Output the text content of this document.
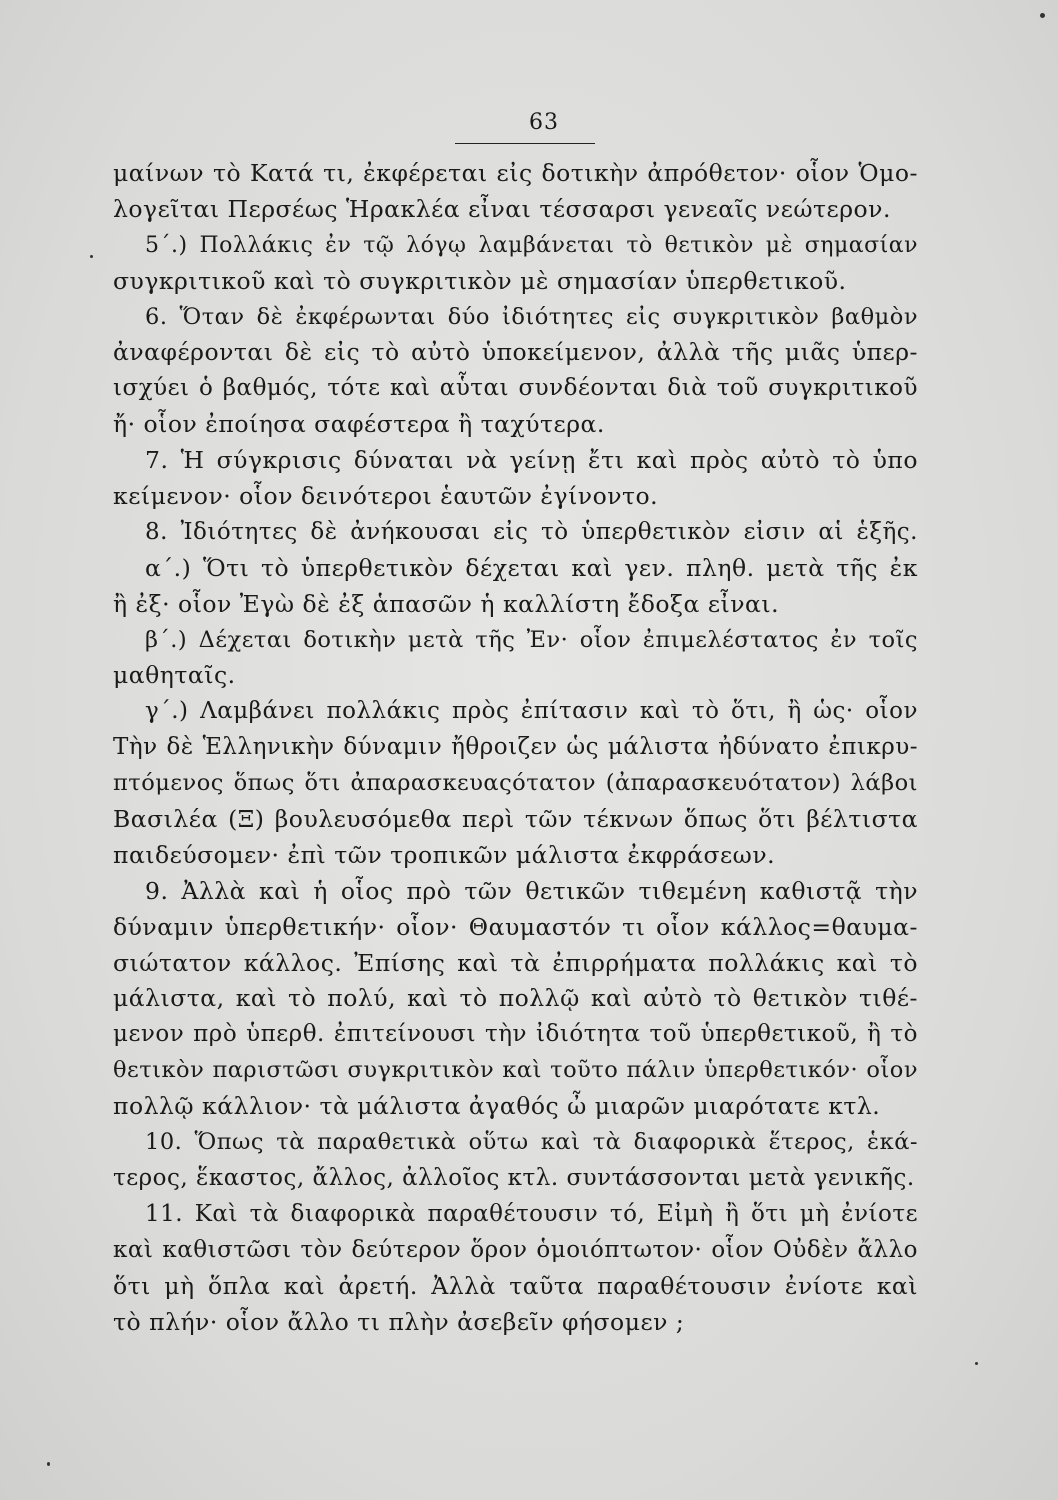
63
μαίνων τὸ Κατά τι, ἐκφέρεται εἰς δοτικὴν ἀπρόθετον· οἷον Ὁμο-
λογεῖται Περσέως Ἡρακλέα εἶναι τέσσαρσι γενεαῖς νεώτερον.
5΄.) Πολλάκις ἐν τῷ λόγῳ λαμβάνεται τὸ θετικὸν μὲ σημασίαν
συγκριτικοῦ καὶ τὸ συγκριτικὸν μὲ σημασίαν ὑπερθετικοῦ.
6. Ὅταν δὲ ἐκφέρωνται δύο ἰδιότητες εἰς συγκριτικὸν βαθμὸν
ἀναφέρονται δὲ εἰς τὸ αὐτὸ ὑποκείμενον, ἀλλὰ τῆς μιᾶς ὑπερ-
ισχύει ὁ βαθμός, τότε καὶ αὗται συνδέονται διὰ τοῦ συγκριτικοῦ
ἤ· οἷον ἐποίησα σαφέστερα ἢ ταχύτερα.
7. Ἡ σύγκρισις δύναται νὰ γείνῃ ἔτι καὶ πρὸς αὐτὸ τὸ ὑπο
κείμενον· οἷον δεινότεροι ἑαυτῶν ἐγίνοντο.
8. Ἰδιότητες δὲ ἀνήκουσαι εἰς τὸ ὑπερθετικὸν εἰσιν αἱ ἑξῆς.
α΄.) Ὅτι τὸ ὑπερθετικὸν δέχεται καὶ γεν. πληθ. μετὰ τῆς ἐκ
ἢ ἐξ· οἷον Ἐγὼ δὲ ἐξ ἁπασῶν ἡ καλλίστη ἔδοξα εἶναι.
β΄.) Δέχεται δοτικὴν μετὰ τῆς Ἐν· οἷον ἐπιμελέστατος ἐν τοῖς
μαθηταῖς.
γ΄.) Λαμβάνει πολλάκις πρὸς ἐπίτασιν καὶ τὸ ὅτι, ἢ ὡς· οἷον
Τὴν δὲ Ἑλληνικὴν δύναμιν ἤθροιζεν ὡς μάλιστα ἠδύνατο ἐπικρυ-
πτόμενος ὅπως ὅτι ἀπαρασκευαςότατον (ἀπαρασκευότατον) λάβοι
Βασιλέα (Ξ) βουλευσόμεθα περὶ τῶν τέκνων ὅπως ὅτι βέλτιστα
παιδεύσομεν· ἐπὶ τῶν τροπικῶν μάλιστα ἐκφράσεων.
9. Ἀλλὰ καὶ ἡ οἷος πρὸ τῶν θετικῶν τιθεμένη καθιστᾷ τὴν
δύναμιν ὑπερθετικήν· οἷον· Θαυμαστόν τι οἷον κάλλος=θαυμα-
σιώτατον κάλλος. Ἐπίσης καὶ τὰ ἐπιρρήματα πολλάκις καὶ τὸ
μάλιστα, καὶ τὸ πολύ, καὶ τὸ πολλῷ καὶ αὐτὸ τὸ θετικὸν τιθέ-
μενον πρὸ ὑπερθ. ἐπιτείνουσι τὴν ἰδιότητα τοῦ ὑπερθετικοῦ, ἢ τὸ
θετικὸν παριστῶσι συγκριτικὸν καὶ τοῦτο πάλιν ὑπερθετικόν· οἷον
πολλῷ κάλλιον· τὰ μάλιστα ἀγαθός ὦ μιαρῶν μιαρότατε κτλ.
10. Ὅπως τὰ παραθετικὰ οὕτω καὶ τὰ διαφορικὰ ἕτερος, ἑκά-
τερος, ἕκαστος, ἄλλος, ἀλλοῖος κτλ. συντάσσονται μετὰ γενικῆς.
11. Καὶ τὰ διαφορικὰ παραθέτουσιν τό, Εἰμὴ ἢ ὅτι μὴ ἐνίοτε
καὶ καθιστῶσι τὸν δεύτερον ὅρον ὁμοιόπτωτον· οἷον Οὐδὲν ἄλλο
ὅτι μὴ ὅπλα καὶ ἀρετή. Ἀλλὰ ταῦτα παραθέτουσιν ἐνίοτε καὶ
τὸ πλήν· οἷον ἄλλο τι πλὴν ἀσεβεῖν φήσομεν ;
